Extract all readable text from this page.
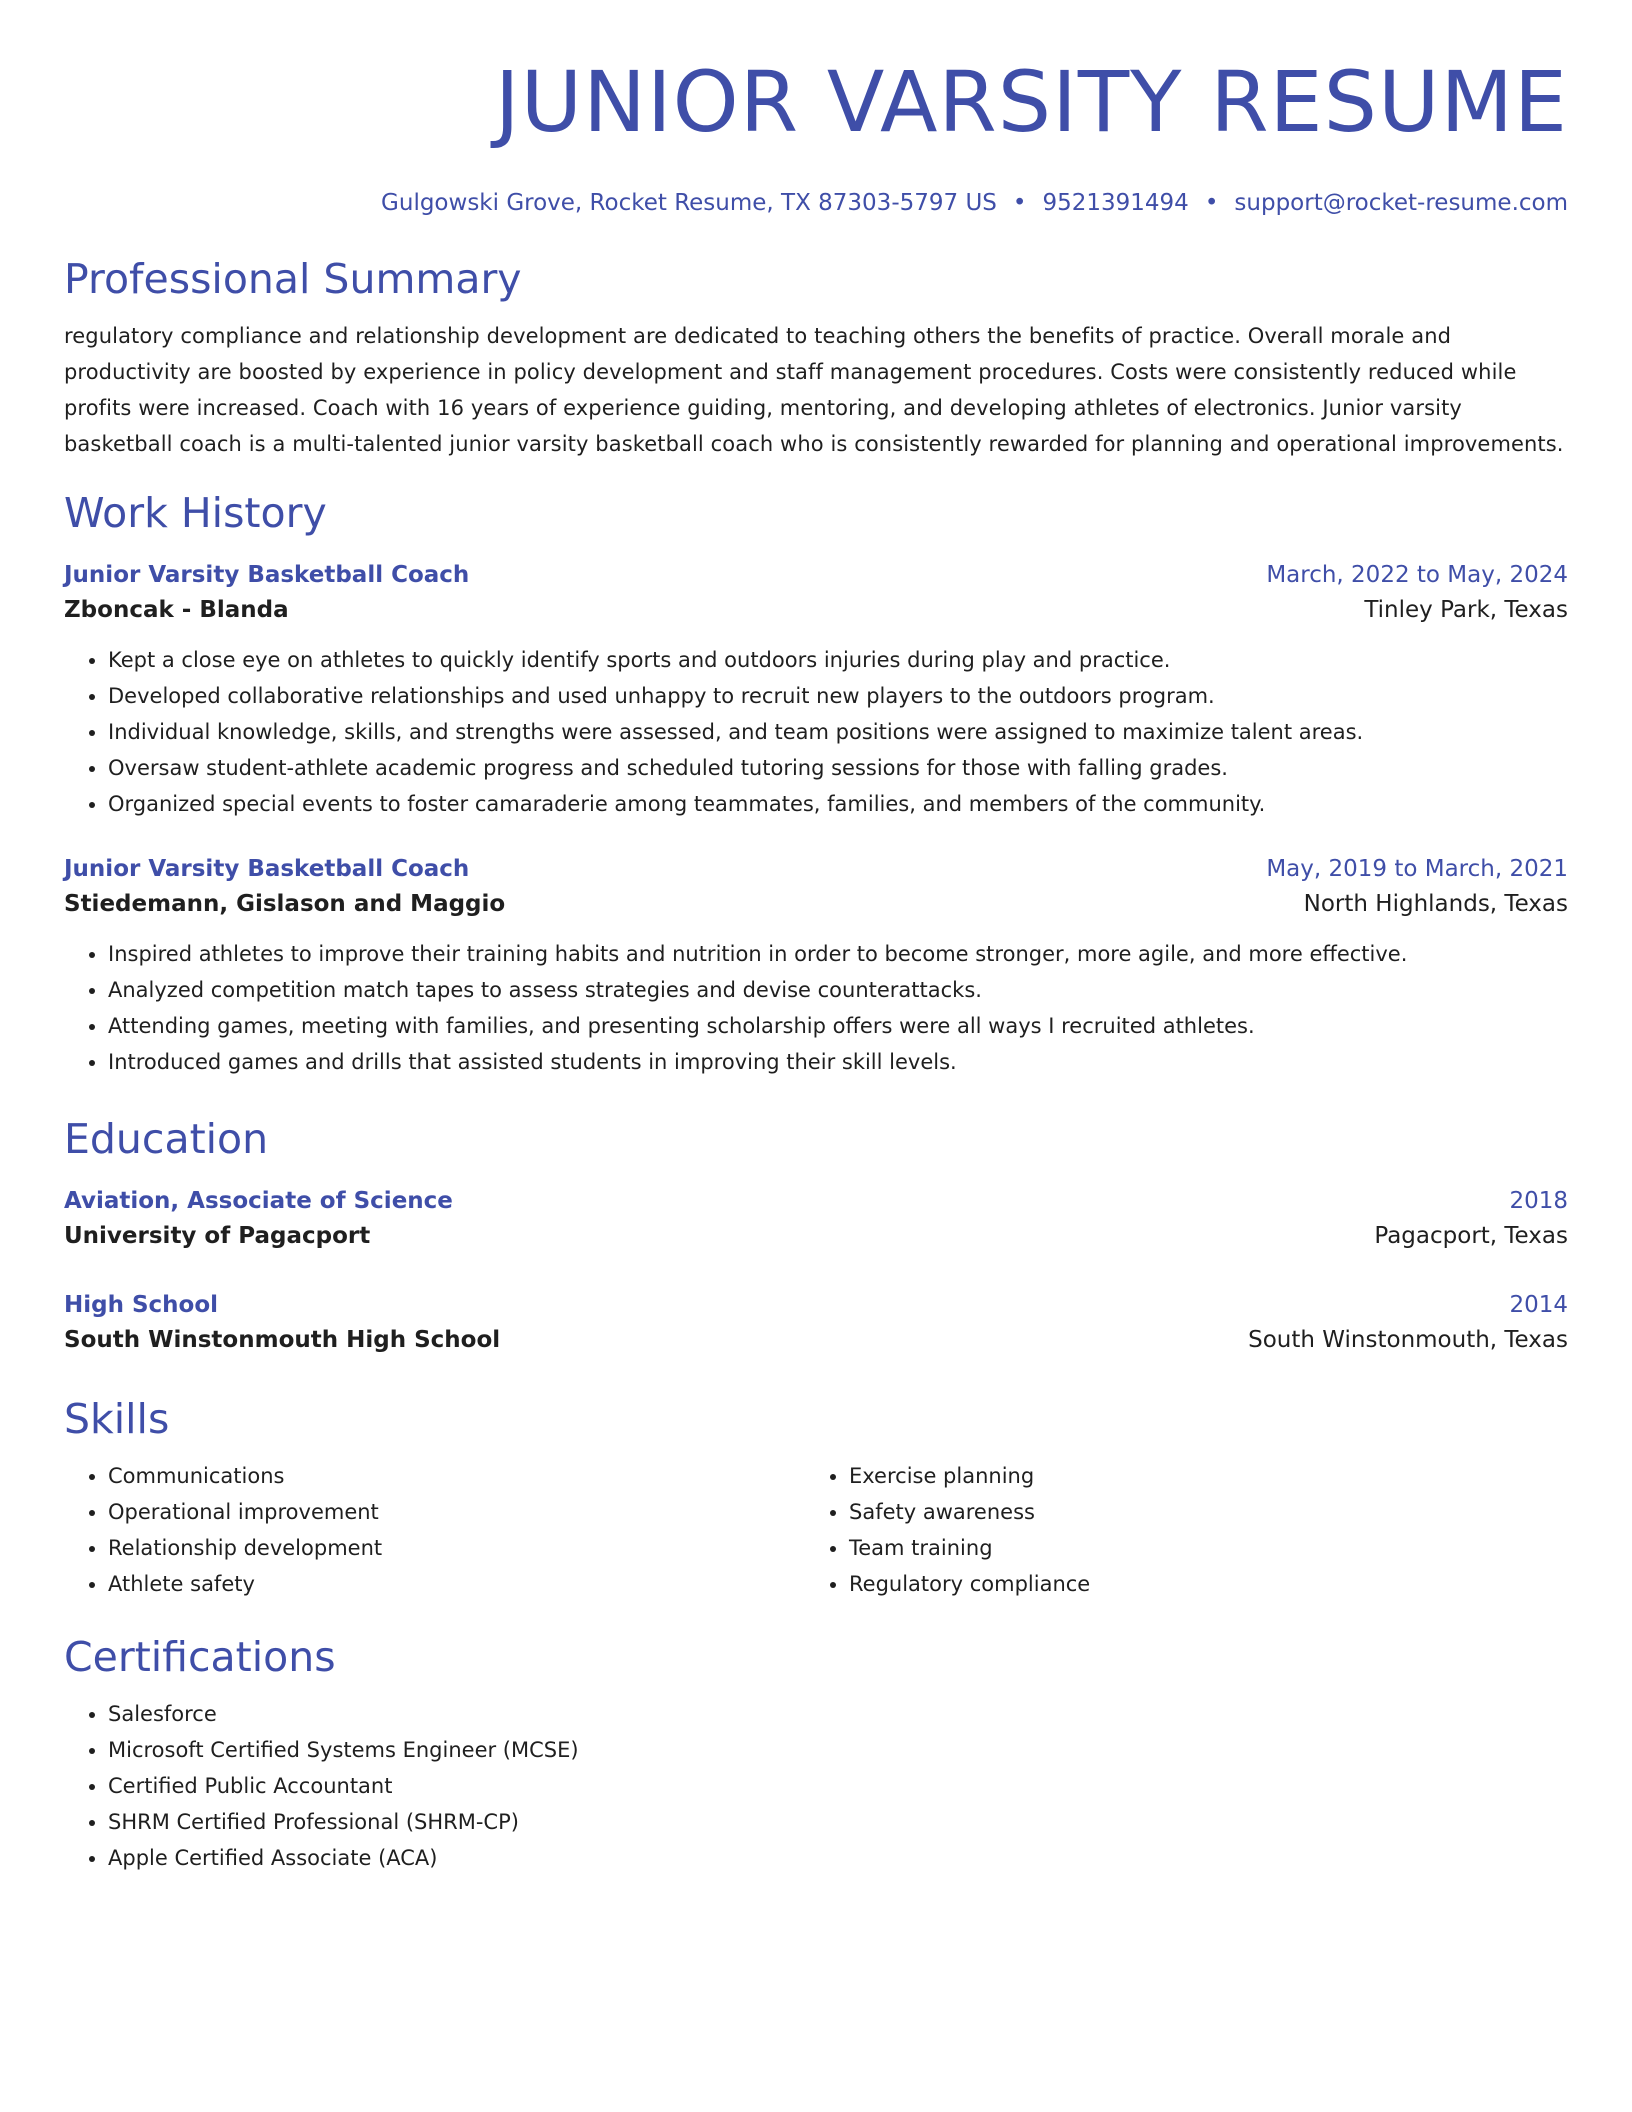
JUNIOR VARSITY RESUME
Gulgowski Grove, Rocket Resume, TX 87303-5797 US • 9521391494 • support@rocket-resume.com
Professional Summary

regulatory compliance and relationship development are dedicated to teaching others the benefits of practice. Overall morale and productivity are boosted by experience in policy development and staff management procedures. Costs were consistently reduced while profits were increased. Coach with 16 years of experience guiding, mentoring, and developing athletes of electronics. Junior varsity basketball coach is a multi-talented junior varsity basketball coach who is consistently rewarded for planning and operational improvements.

Work History
Junior Varsity Basketball Coach	March, 2022 to May, 2024
Zboncak - Blanda	Tinley Park, Texas
• Kept a close eye on athletes to quickly identify sports and outdoors injuries during play and practice.
• Developed collaborative relationships and used unhappy to recruit new players to the outdoors program.
• Individual knowledge, skills, and strengths were assessed, and team positions were assigned to maximize talent areas.
• Oversaw student-athlete academic progress and scheduled tutoring sessions for those with falling grades.
• Organized special events to foster camaraderie among teammates, families, and members of the community.
Junior Varsity Basketball Coach	May, 2019 to March, 2021
Stiedemann, Gislason and Maggio	North Highlands, Texas
• Inspired athletes to improve their training habits and nutrition in order to become stronger, more agile, and more effective.
• Analyzed competition match tapes to assess strategies and devise counterattacks.
• Attending games, meeting with families, and presenting scholarship offers were all ways I recruited athletes.
• Introduced games and drills that assisted students in improving their skill levels.
Education
Aviation, Associate of Science	2018
University of Pagacport	Pagacport, Texas
High School	2014
South Winstonmouth High School	South Winstonmouth, Texas
Skills
• Communications
• Operational improvement
• Relationship development
• Athlete safety
• Exercise planning
• Safety awareness
• Team training
• Regulatory compliance
Certifications
• Salesforce
• Microsoft Certified Systems Engineer (MCSE)
• Certified Public Accountant
• SHRM Certified Professional (SHRM-CP)
• Apple Certified Associate (ACA)
